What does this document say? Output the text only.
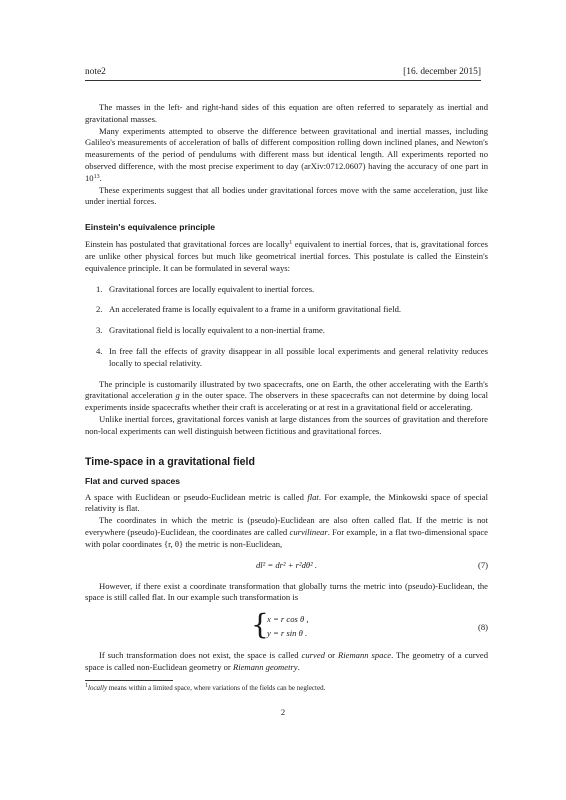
note2	[16. december 2015]

The masses in the left- and right-hand sides of this equation are often referred to separately as inertial and gravitational masses.

Many experiments attempted to observe the difference between gravitational and inertial masses, including Galileo's measurements of acceleration of balls of different composition rolling down inclined planes, and Newton's measurements of the period of pendulums with different mass but identical length. All experiments reported no observed difference, with the most precise experiment to day (arXiv:0712.0607) having the accuracy of one part in $10^{13}$.

These experiments suggest that all bodies under gravitational forces move with the same acceleration, just like under inertial forces.

Einstein's equivalence principle

Einstein has postulated that gravitational forces are locally$^1$ equivalent to inertial forces, that is, gravitational forces are unlike other physical forces but much like geometrical inertial forces. This postulate is called the Einstein's equivalence principle. It can be formulated in several ways:

1. Gravitational forces are locally equivalent to inertial forces.
2. An accelerated frame is locally equivalent to a frame in a uniform gravitational field.
3. Gravitational field is locally equivalent to a non-inertial frame.
4. In free fall the effects of gravity disappear in all possible local experiments and general relativity reduces locally to special relativity.

The principle is customarily illustrated by two spacecrafts, one on Earth, the other accelerating with the Earth's gravitational acceleration g in the outer space. The observers in these spacecrafts can not determine by doing local experiments inside spacecrafts whether their craft is accelerating or at rest in a gravitational field or accelerating.

Unlike inertial forces, gravitational forces vanish at large distances from the sources of gravitation and therefore non-local experiments can well distinguish between fictitious and gravitational forces.

Time-space in a gravitational field
Flat and curved spaces

A space with Euclidean or pseudo-Euclidean metric is called flat. For example, the Minkowski space of special relativity is flat.

The coordinates in which the metric is (pseudo)-Euclidean are also often called flat. If the metric is not everywhere (pseudo)-Euclidean, the coordinates are called curvilinear. For example, in a flat two-dimensional space with polar coordinates {r, θ} the metric is non-Euclidean,

dl² = dr² + r²dθ² .	(7)

However, if there exist a coordinate transformation that globally turns the metric into (pseudo)-Euclidean, the space is still called flat. In our example such transformation is

{
x = r cos θ ,
y = r sin θ .
(8)

If such transformation does not exist, the space is called curved or Riemann space. The geometry of a curved space is called non-Euclidean geometry or Riemann geometry.

$^1$locally means within a limited space, where variations of the fields can be neglected.
2
